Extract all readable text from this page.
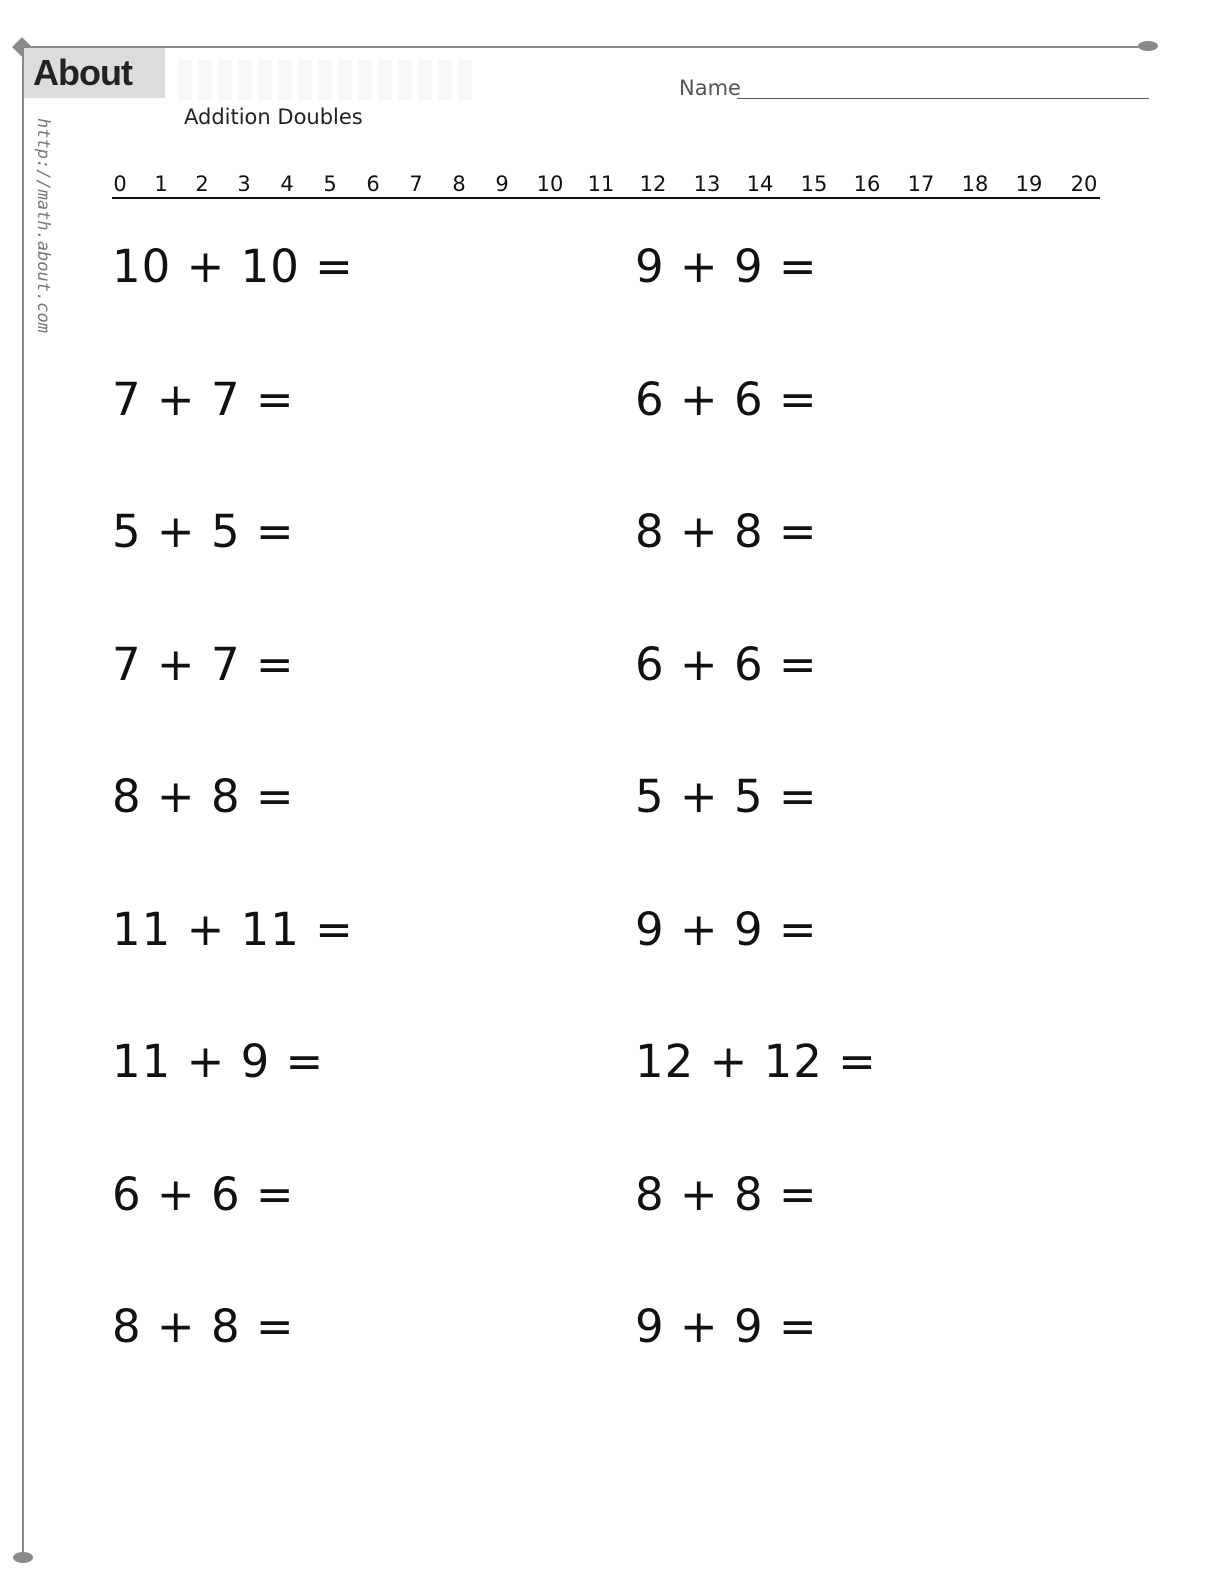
About
http://math.about.com
Addition Doubles
Name
0 1 2 3 4 5 6 7 8 9 10 11 12 13 14 15 16 17 18 19 20
10 + 10 =
7 + 7 =
5 + 5 =
7 + 7 =
8 + 8 =
11 + 11 =
11 + 9 =
6 + 6 =
8 + 8 =
9 + 9 =
6 + 6 =
8 + 8 =
6 + 6 =
5 + 5 =
9 + 9 =
12 + 12 =
8 + 8 =
9 + 9 =
